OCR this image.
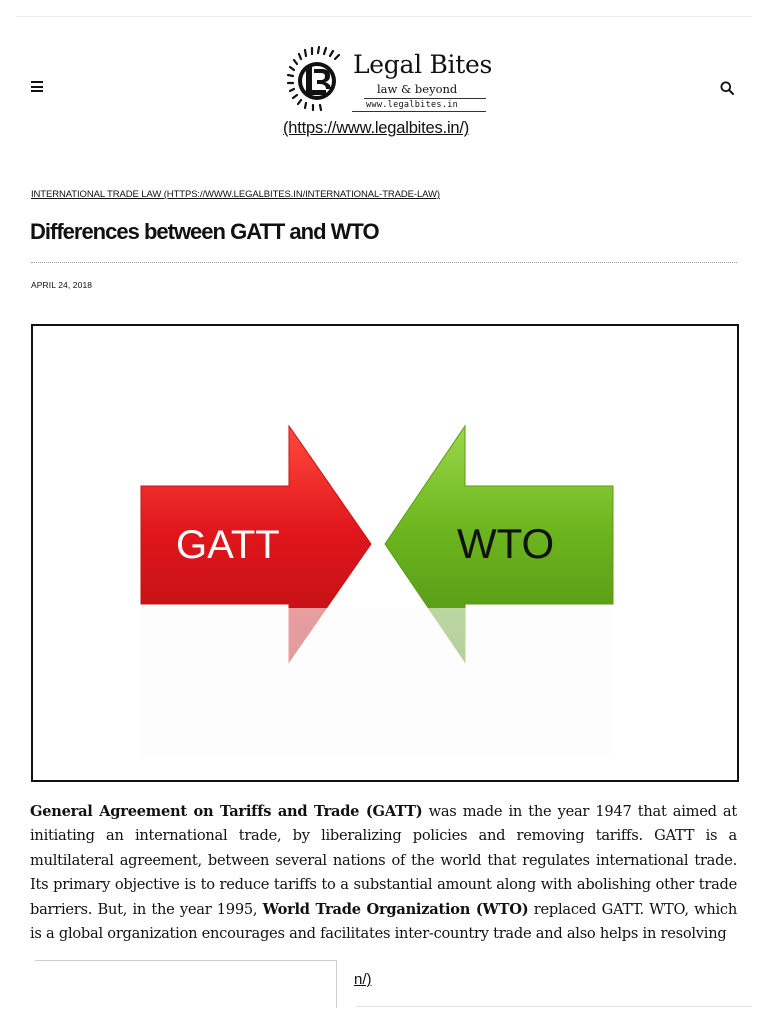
Legal Bites
law & beyond
www.legalbites.in
(https://www.legalbites.in/)
INTERNATIONAL TRADE LAW (HTTPS://WWW.LEGALBITES.IN/INTERNATIONAL-TRADE-LAW)
Differences between GATT and WTO
APRIL 24, 2018
GATT	WTO

General Agreement on Tariffs and Trade (GATT) was made in the year 1947 that aimed at initiating an international trade, by liberalizing policies and removing tariffs. GATT is a multilateral agreement, between several nations of the world that regulates international trade. Its primary objective is to reduce tariffs to a substantial amount along with abolishing other trade barriers. But, in the year 1995, World Trade Organization (WTO) replaced GATT. WTO, which is a global organization encourages and facilitates inter-country trade and also helps in resolving

n/)
